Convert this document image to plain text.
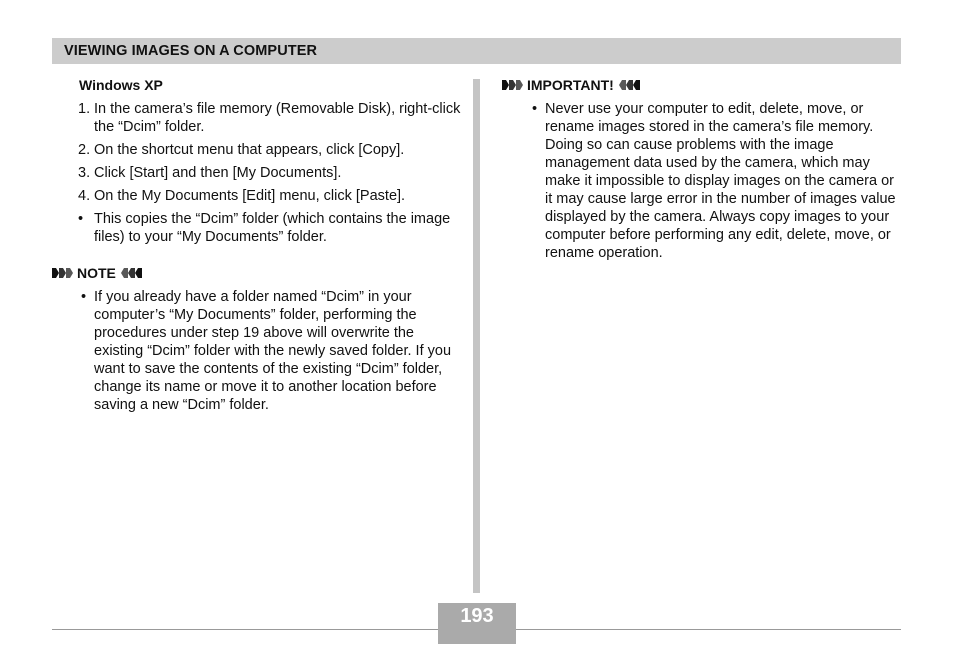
VIEWING IMAGES ON A COMPUTER
Windows XP
1. In the camera’s file memory (Removable Disk), right-click the “Dcim” folder.
2. On the shortcut menu that appears, click [Copy].
3. Click [Start] and then [My Documents].
4. On the My Documents [Edit] menu, click [Paste].
• This copies the “Dcim” folder (which contains the image files) to your “My Documents” folder.
NOTE
• If you already have a folder named “Dcim” in your computer’s “My Documents” folder, performing the procedures under step 19 above will overwrite the existing “Dcim” folder with the newly saved folder. If you want to save the contents of the existing “Dcim” folder, change its name or move it to another location before saving a new “Dcim” folder.
IMPORTANT!
• Never use your computer to edit, delete, move, or rename images stored in the camera’s file memory. Doing so can cause problems with the image management data used by the camera, which may make it impossible to display images on the camera or it may cause large error in the number of images value displayed by the camera. Always copy images to your computer before performing any edit, delete, move, or rename operation.
193
